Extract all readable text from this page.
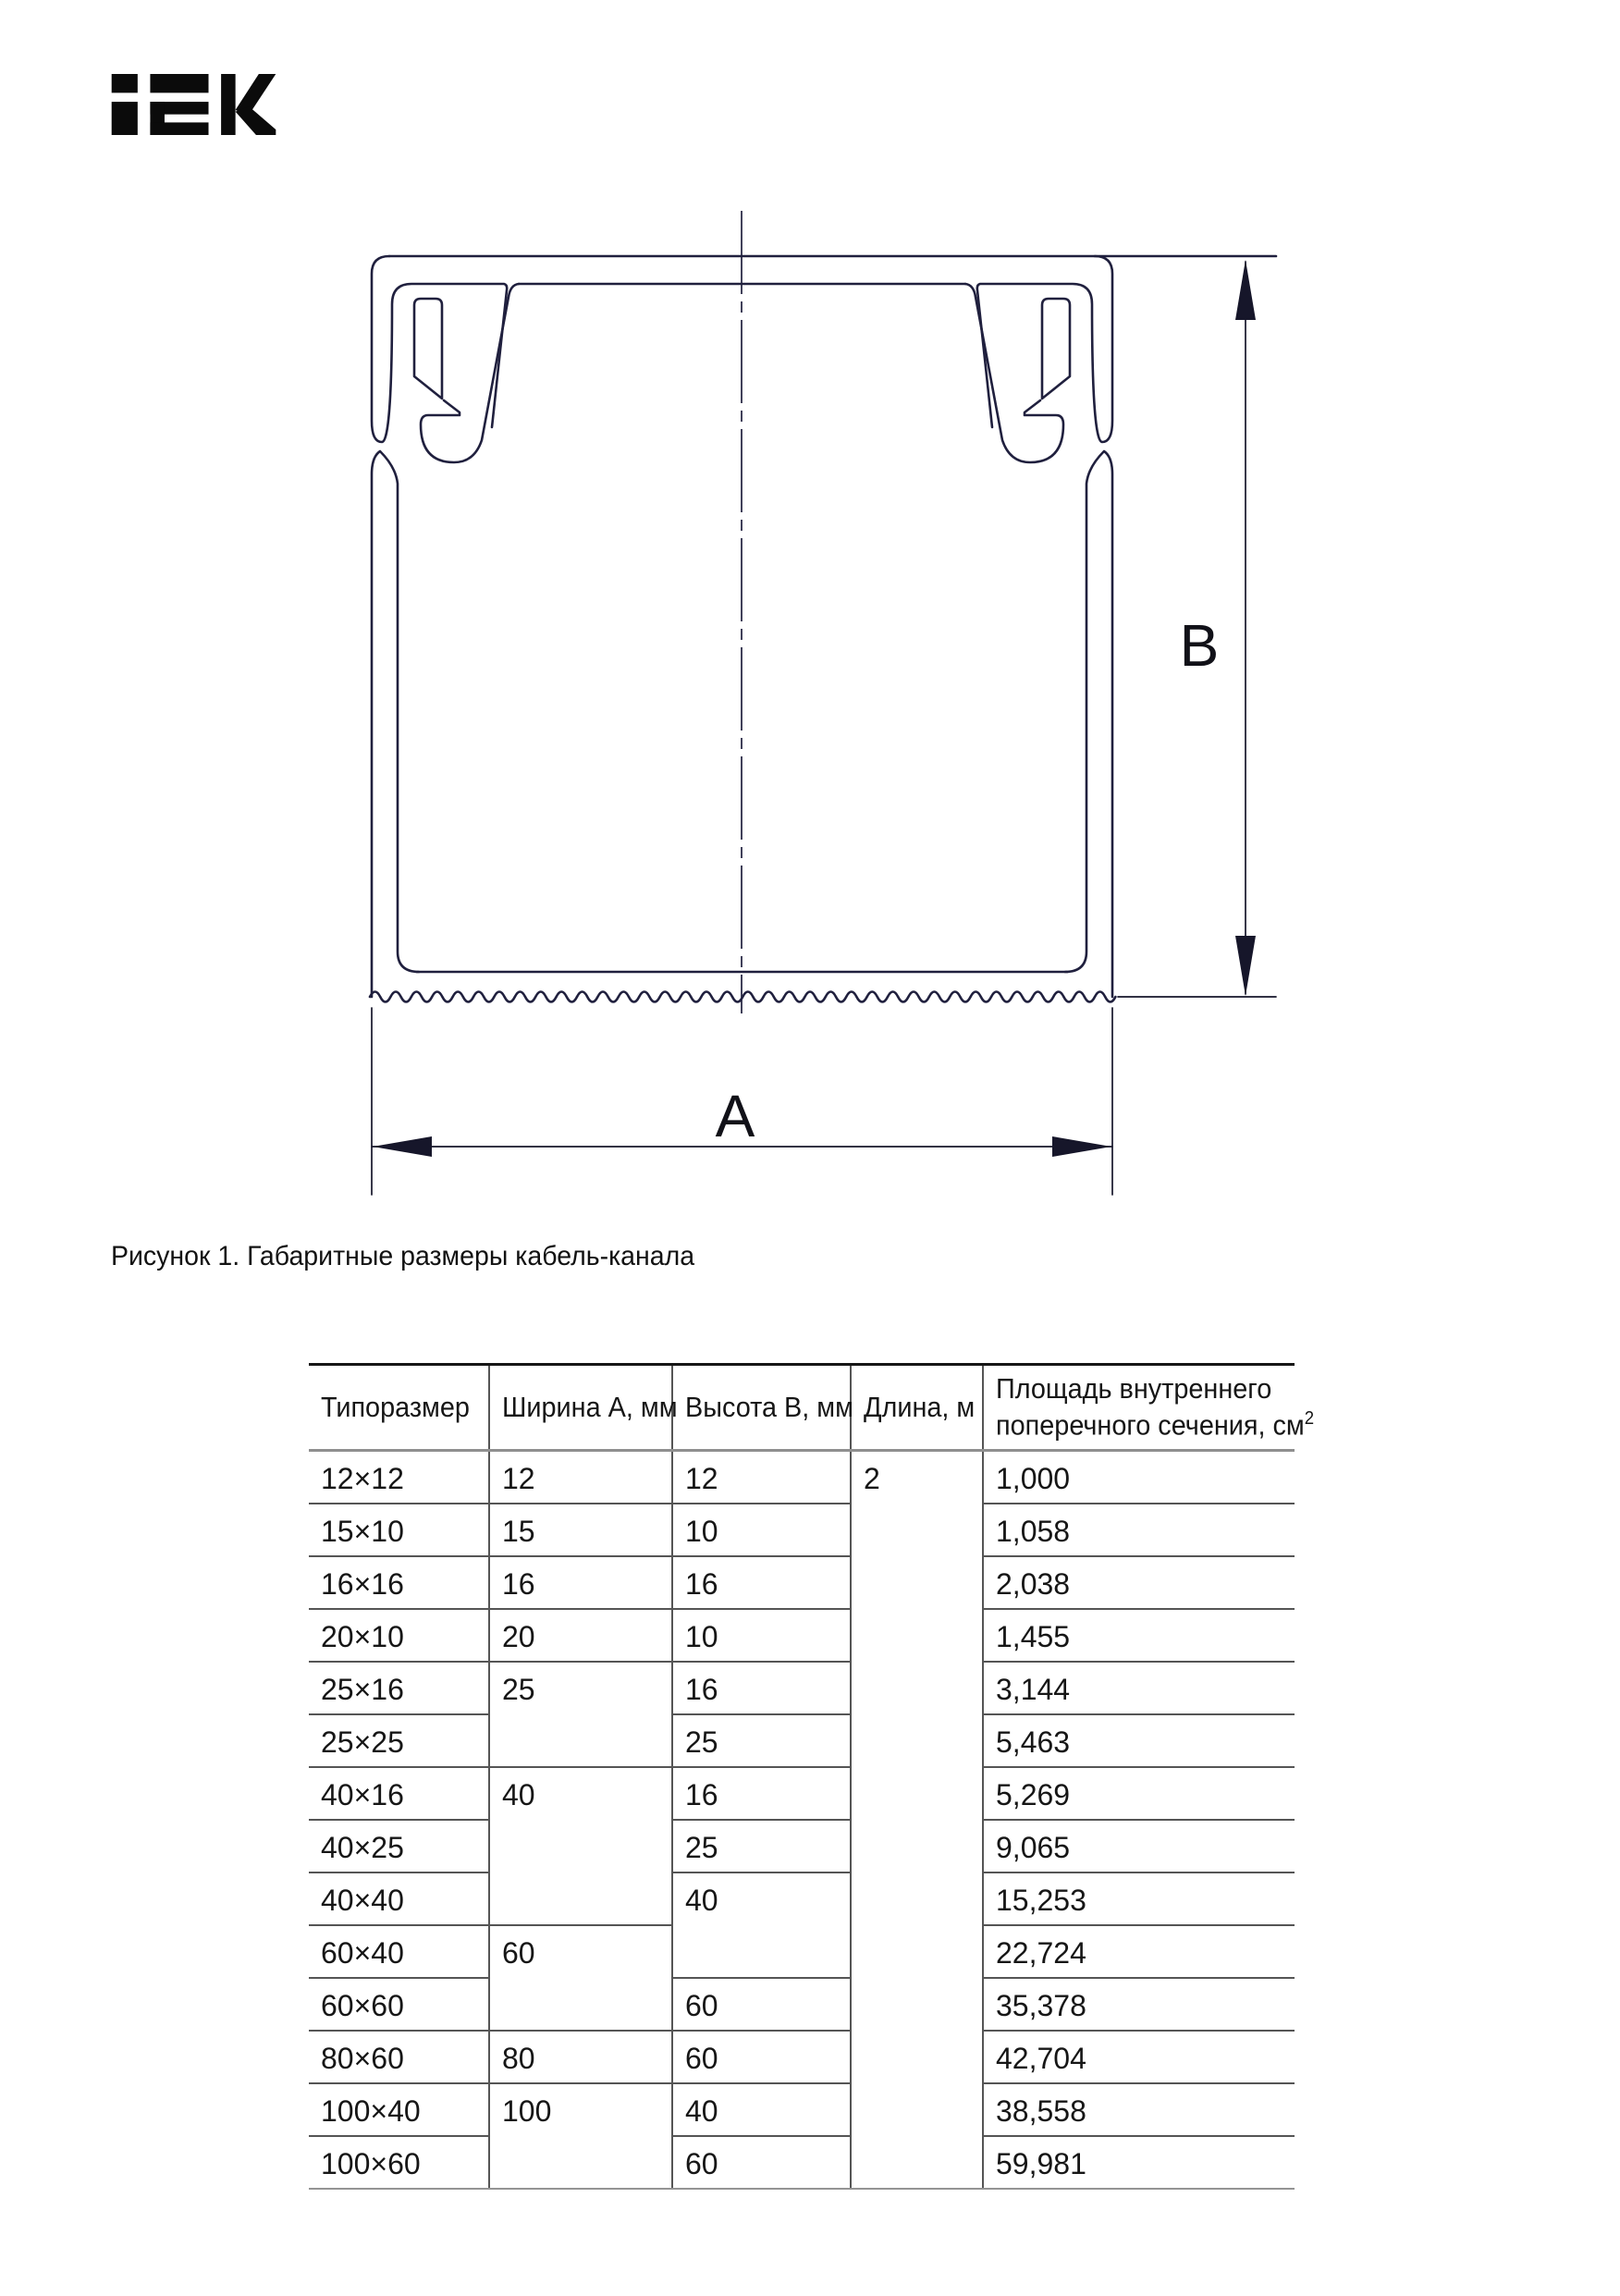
B
A
Рисунок 1. Габаритные размеры кабель-канала
Типоразмер	Ширина А, мм	Высота В, мм	Длина, м	Площадь внутреннего
поперечного сечения, $см^2$

12×12	12	12	2	1,000
15×10	15	10		1,058
16×16	16	16		2,038
20×10	20	10		1,455
25×16	25	16		3,144
25×25		25		5,463
40×16	40	16		5,269
40×25		25		9,065
40×40		40		15,253
60×40	60			22,724
60×60		60		35,378
80×60	80	60		42,704
100×40	100	40		38,558
100×60		60		59,981
